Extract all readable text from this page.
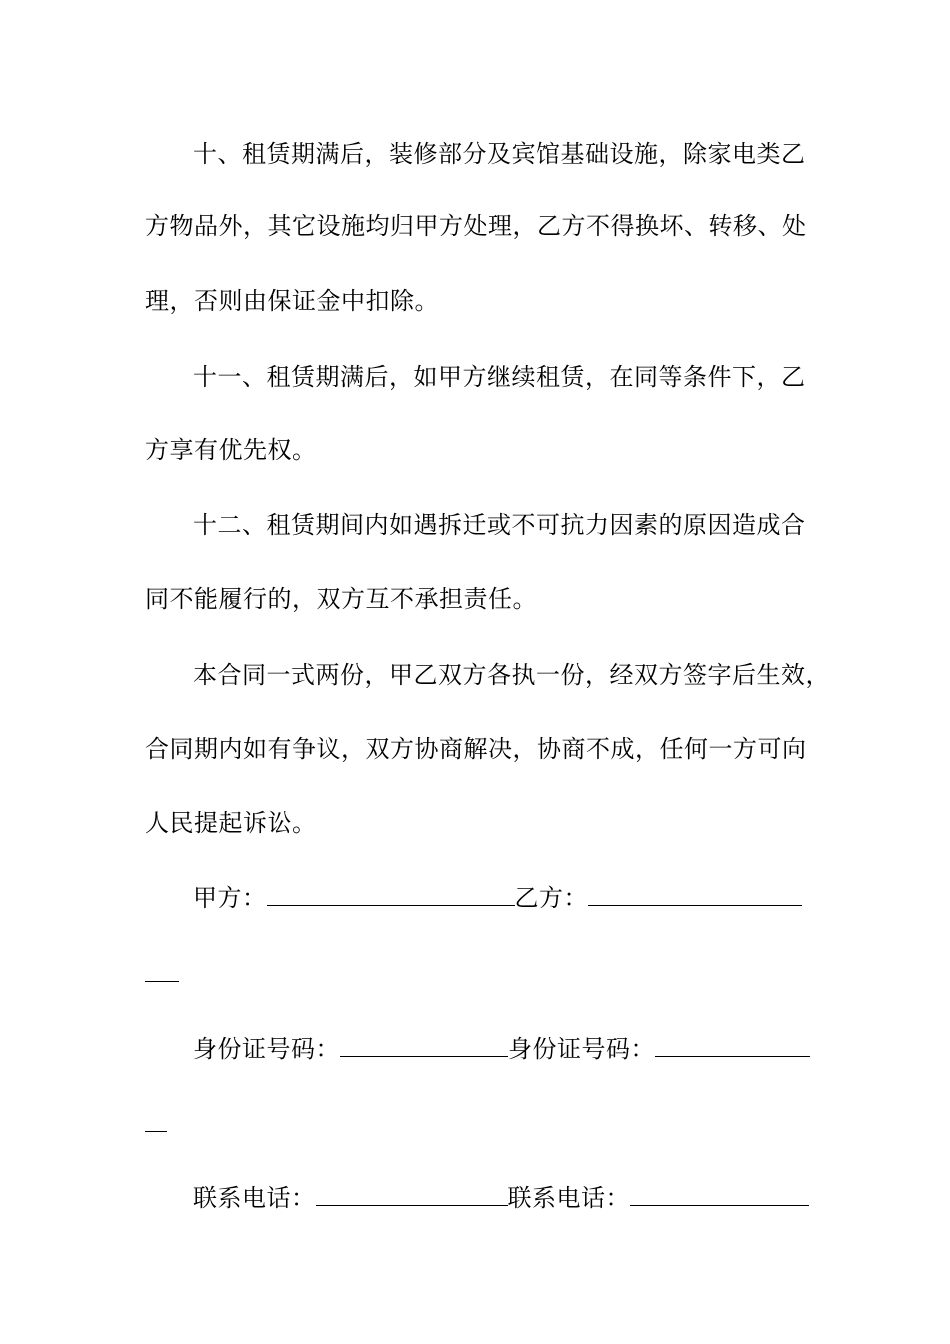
十、租赁期满后，装修部分及宾馆基础设施，除家电类乙
方物品外，其它设施均归甲方处理，乙方不得换坏、转移、处
理，否则由保证金中扣除。
十一、租赁期满后，如甲方继续租赁，在同等条件下，乙
方享有优先权。
十二、租赁期间内如遇拆迁或不可抗力因素的原因造成合
同不能履行的，双方互不承担责任。
本合同一式两份，甲乙双方各执一份，经双方签字后生效，
合同期内如有争议，双方协商解决，协商不成，任何一方可向
人民提起诉讼。
甲方：	乙方：
身份证号码：	身份证号码：
联系电话：	联系电话：
